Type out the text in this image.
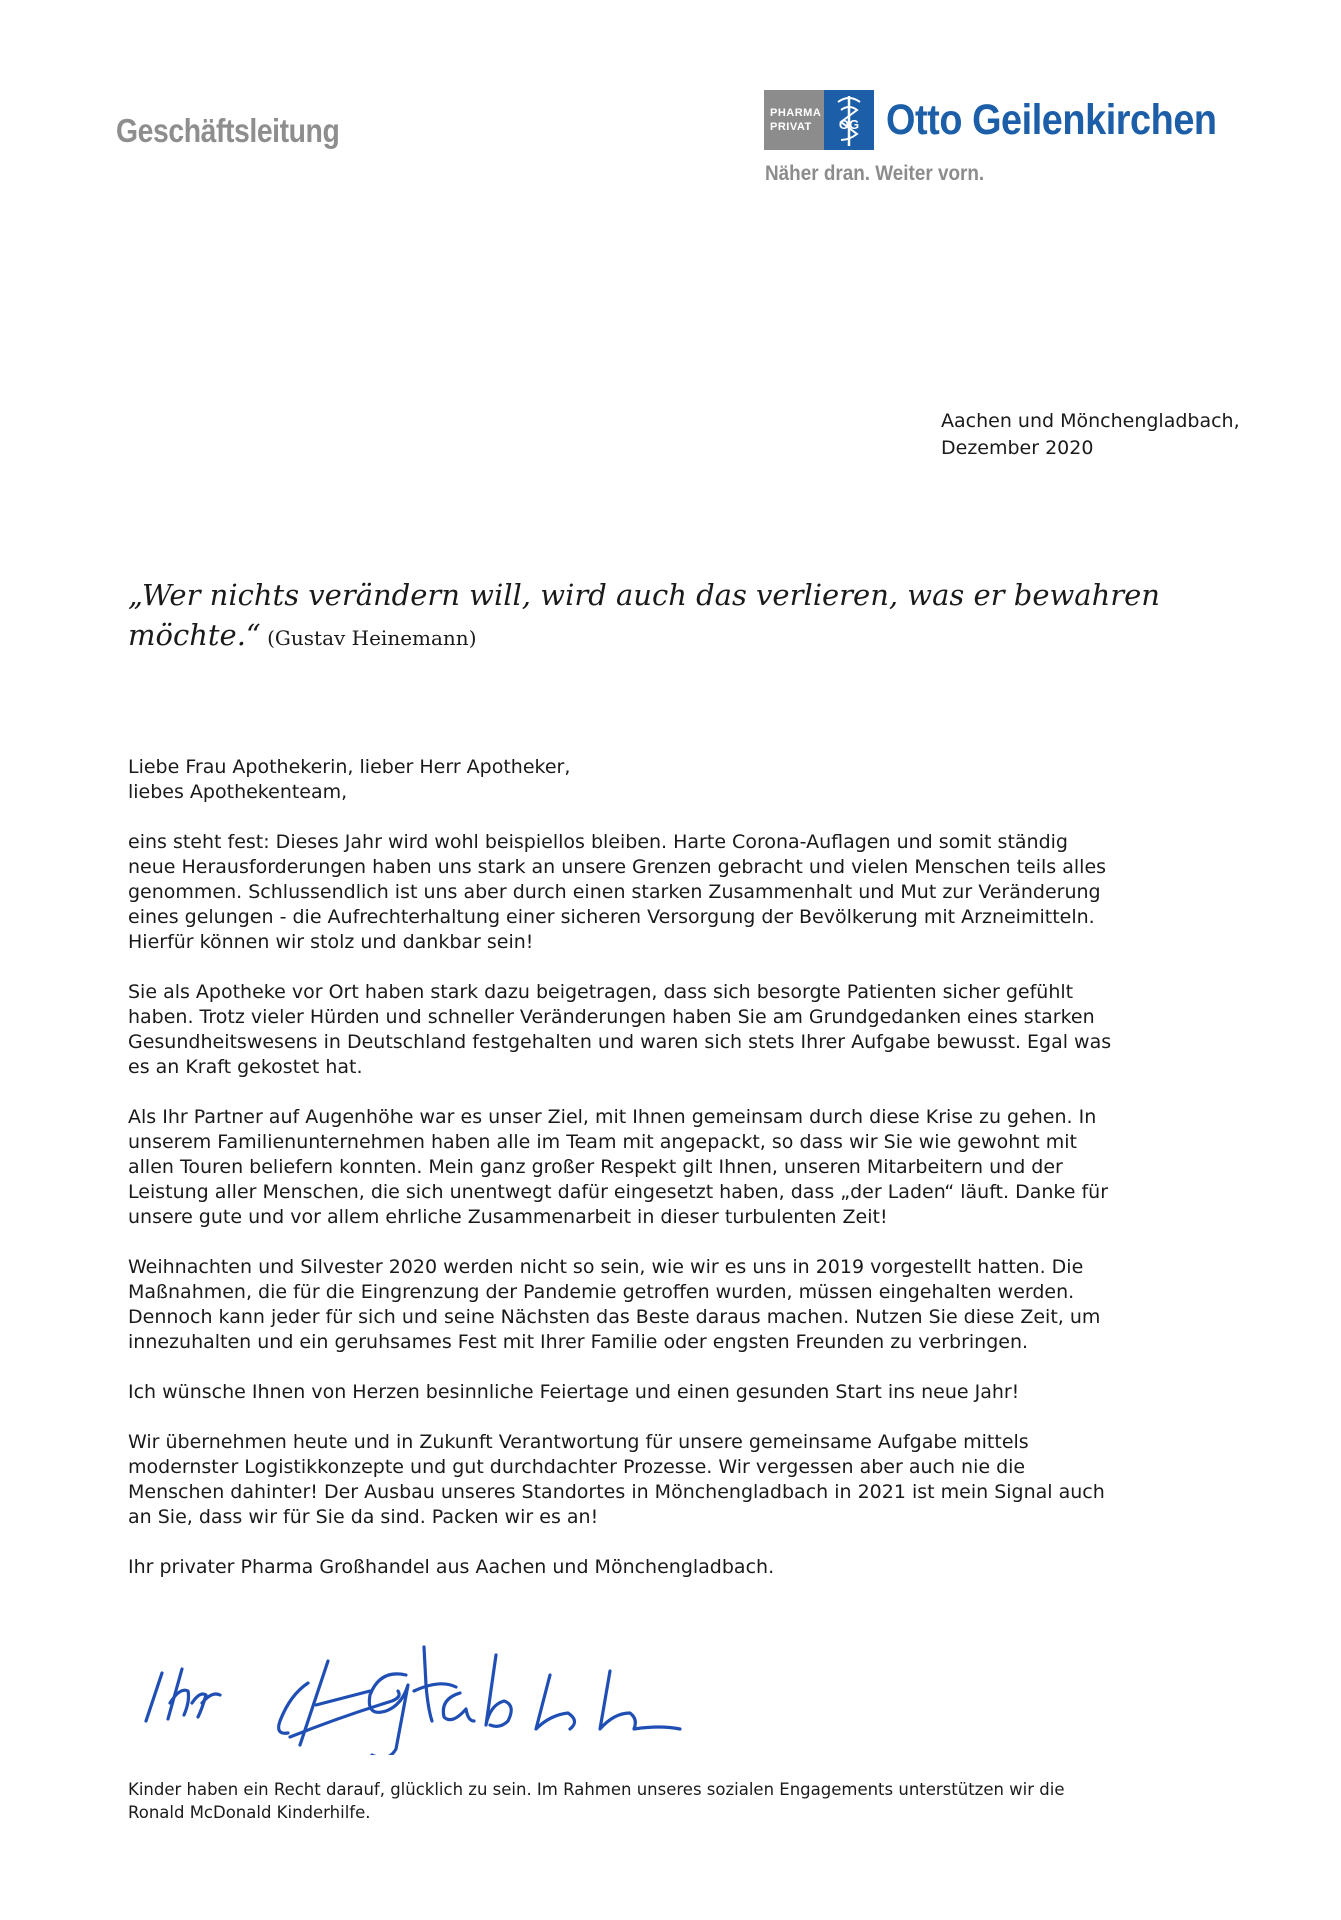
Geschäftsleitung	PHARMA
PRIVAT	OG Otto Geilenkirchen
Näher dran. Weiter vorn.
Aachen und Mönchengladbach,
Dezember 2020
„Wer nichts verändern will, wird auch das verlieren, was er bewahren möchte.“ (Gustav Heinemann)

Liebe Frau Apothekerin, lieber Herr Apotheker,
liebes Apothekenteam,

eins steht fest: Dieses Jahr wird wohl beispiellos bleiben. Harte Corona-Auflagen und somit ständig
neue Herausforderungen haben uns stark an unsere Grenzen gebracht und vielen Menschen teils alles
genommen. Schlussendlich ist uns aber durch einen starken Zusammenhalt und Mut zur Veränderung
eines gelungen - die Aufrechterhaltung einer sicheren Versorgung der Bevölkerung mit Arzneimitteln.
Hierfür können wir stolz und dankbar sein!

Sie als Apotheke vor Ort haben stark dazu beigetragen, dass sich besorgte Patienten sicher gefühlt
haben. Trotz vieler Hürden und schneller Veränderungen haben Sie am Grundgedanken eines starken
Gesundheitswesens in Deutschland festgehalten und waren sich stets Ihrer Aufgabe bewusst. Egal was
es an Kraft gekostet hat.

Als Ihr Partner auf Augenhöhe war es unser Ziel, mit Ihnen gemeinsam durch diese Krise zu gehen. In
unserem Familienunternehmen haben alle im Team mit angepackt, so dass wir Sie wie gewohnt mit
allen Touren beliefern konnten. Mein ganz großer Respekt gilt Ihnen, unseren Mitarbeitern und der
Leistung aller Menschen, die sich unentwegt dafür eingesetzt haben, dass „der Laden“ läuft. Danke für
unsere gute und vor allem ehrliche Zusammenarbeit in dieser turbulenten Zeit!

Weihnachten und Silvester 2020 werden nicht so sein, wie wir es uns in 2019 vorgestellt hatten. Die
Maßnahmen, die für die Eingrenzung der Pandemie getroffen wurden, müssen eingehalten werden.
Dennoch kann jeder für sich und seine Nächsten das Beste daraus machen. Nutzen Sie diese Zeit, um
innezuhalten und ein geruhsames Fest mit Ihrer Familie oder engsten Freunden zu verbringen.

Ich wünsche Ihnen von Herzen besinnliche Feiertage und einen gesunden Start ins neue Jahr!

Wir übernehmen heute und in Zukunft Verantwortung für unsere gemeinsame Aufgabe mittels
modernster Logistikkonzepte und gut durchdachter Prozesse. Wir vergessen aber auch nie die
Menschen dahinter! Der Ausbau unseres Standortes in Mönchengladbach in 2021 ist mein Signal auch
an Sie, dass wir für Sie da sind. Packen wir es an!

Ihr privater Pharma Großhandel aus Aachen und Mönchengladbach.

Kinder haben ein Recht darauf, glücklich zu sein. Im Rahmen unseres sozialen Engagements unterstützen wir die
Ronald McDonald Kinderhilfe.
